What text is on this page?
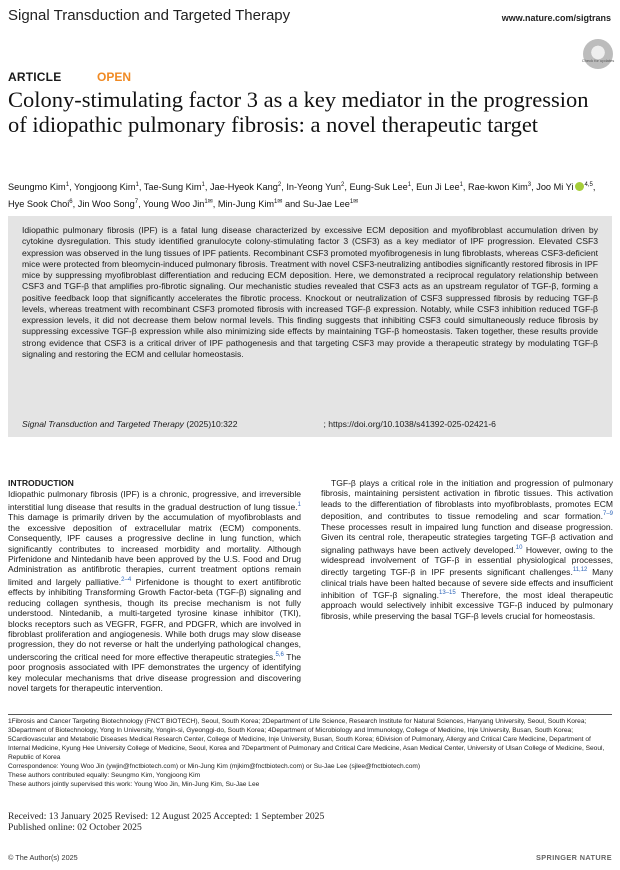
Signal Transduction and Targeted Therapy	www.nature.com/sigtrans
Check for updates
ARTICLE	OPEN
Colony-stimulating factor 3 as a key mediator in the progression of idiopathic pulmonary fibrosis: a novel therapeutic target
Seungmo Kim$^1$, Yongjoong Kim$^1$, Tae-Sung Kim$^1$, Jae-Hyeok Kang$^2$, In-Yeong Yun$^2$, Eung-Suk Lee$^1$, Eun Ji Lee$^1$, Rae-kwon Kim$^3$, Joo Mi Yi $^{4,5}$, Hye Sook Choi$^6$, Jin Woo Song$^7$, Young Woo Jin$^{1✉}$, Min-Jung Kim$^{1✉}$ and Su-Jae Lee$^{1✉}$
Idiopathic pulmonary fibrosis (IPF) is a fatal lung disease characterized by excessive ECM deposition and myofibroblast accumulation driven by cytokine dysregulation. This study identified granulocyte colony-stimulating factor 3 (CSF3) as a key mediator of IPF progression. Elevated CSF3 expression was observed in the lung tissues of IPF patients. Recombinant CSF3 promoted myofibrogenesis in lung fibroblasts, whereas CSF3-deficient mice were protected from bleomycin-induced pulmonary fibrosis. Treatment with novel CSF3-neutralizing antibodies significantly restored fibrosis in IPF mice by suppressing myofibroblast differentiation and reducing ECM deposition. Here, we demonstrated a reciprocal regulatory relationship between CSF3 and TGF-β that amplifies pro-fibrotic signaling. Our mechanistic studies revealed that CSF3 acts as an upstream regulator of TGF-β, forming a positive feedback loop that significantly accelerates the fibrotic process. Knockout or neutralization of CSF3 suppressed fibrosis by reducing TGF-β levels, whereas treatment with recombinant CSF3 promoted fibrosis with increased TGF-β expression. Notably, while CSF3 inhibition reduced TGF-β expression levels, it did not decrease them below normal levels. This finding suggests that inhibiting CSF3 could simultaneously reduce fibrosis by suppressing excessive TGF-β expression while also minimizing side effects by maintaining TGF-β homeostasis. Taken together, these results provide strong evidence that CSF3 is a critical driver of IPF pathogenesis and that targeting CSF3 may provide a therapeutic strategy by modulating TGF-β signaling and restoring the ECM and cellular homeostasis.
Signal Transduction and Targeted Therapy (2025)10:322	; https://doi.org/10.1038/s41392-025-02421-6
INTRODUCTION

Idiopathic pulmonary fibrosis (IPF) is a chronic, progressive, and irreversible interstitial lung disease that results in the gradual destruction of lung tissue.$^1$ This damage is primarily driven by the accumulation of myofibroblasts and the excessive deposition of extracellular matrix (ECM) components. Consequently, IPF causes a progressive decline in lung function, which significantly contributes to increased morbidity and mortality. Although Pirfenidone and Nintedanib have been approved by the U.S. Food and Drug Administration as antifibrotic therapies, current treatment options remain limited and largely palliative.$^{2-4}$ Pirfenidone is thought to exert antifibrotic effects by inhibiting Transforming Growth Factor-beta (TGF-β) signaling and reducing collagen synthesis, though its precise mechanism is not fully understood. Nintedanib, a multi-targeted tyrosine kinase inhibitor (TKI), blocks receptors such as VEGFR, FGFR, and PDGFR, which are involved in fibroblast proliferation and angiogenesis. While both drugs may slow disease progression, they do not reverse or halt the underlying pathological changes, underscoring the critical need for more effective therapeutic strategies.$^{5,6}$ The poor prognosis associated with IPF demonstrates the urgency of identifying key molecular mechanisms that drive disease progression and discovering novel targets for therapeutic intervention.

TGF-β plays a critical role in the initiation and progression of pulmonary fibrosis, maintaining persistent activation in fibrotic tissues. This activation leads to the differentiation of fibroblasts into myofibroblasts, promotes ECM deposition, and contributes to tissue remodeling and scar formation.$^{7-9}$ These processes result in impaired lung function and disease progression. Given its central role, therapeutic strategies targeting TGF-β activation and signaling pathways have been actively developed.$^{10}$ However, owing to the widespread involvement of TGF-β in essential physiological processes, directly targeting TGF-β in IPF presents significant challenges.$^{11,12}$ Many clinical trials have been halted because of severe side effects and insufficient inhibition of TGF-β signaling.$^{13-15}$ Therefore, the most ideal therapeutic approach would selectively inhibit excessive TGF-β induced by pulmonary fibrosis, while preserving the basal TGF-β levels crucial for homeostasis.

1Fibrosis and Cancer Targeting Biotechnology (FNCT BIOTECH), Seoul, South Korea; 2Department of Life Science, Research Institute for Natural Sciences, Hanyang University, Seoul, South Korea; 3Department of Biotechnology, Yong In University, Yongin-si, Gyeonggi-do, South Korea; 4Department of Microbiology and Immunology, College of Medicine, Inje University, Busan, South Korea; 5Cardiovascular and Metabolic Diseases Medical Research Center, College of Medicine, Inje University, Busan, South Korea; 6Division of Pulmonary, Allergy and Critical Care Medicine, Department of Internal Medicine, Kyung Hee University College of Medicine, Seoul, Korea and 7Department of Pulmonary and Critical Care Medicine, Asan Medical Center, University of Ulsan College of Medicine, Seoul, Republic of Korea
Correspondence: Young Woo Jin (ywjin@fnctbiotech.com) or Min-Jung Kim (mjkim@fnctbiotech.com) or Su-Jae Lee (sjlee@fnctbiotech.com)
These authors contributed equally: Seungmo Kim, Yongjoong Kim
These authors jointly supervised this work: Young Woo Jin, Min-Jung Kim, Su-Jae Lee
Received: 13 January 2025 Revised: 12 August 2025 Accepted: 1 September 2025
Published online: 02 October 2025
© The Author(s) 2025	SPRINGER NATURE
